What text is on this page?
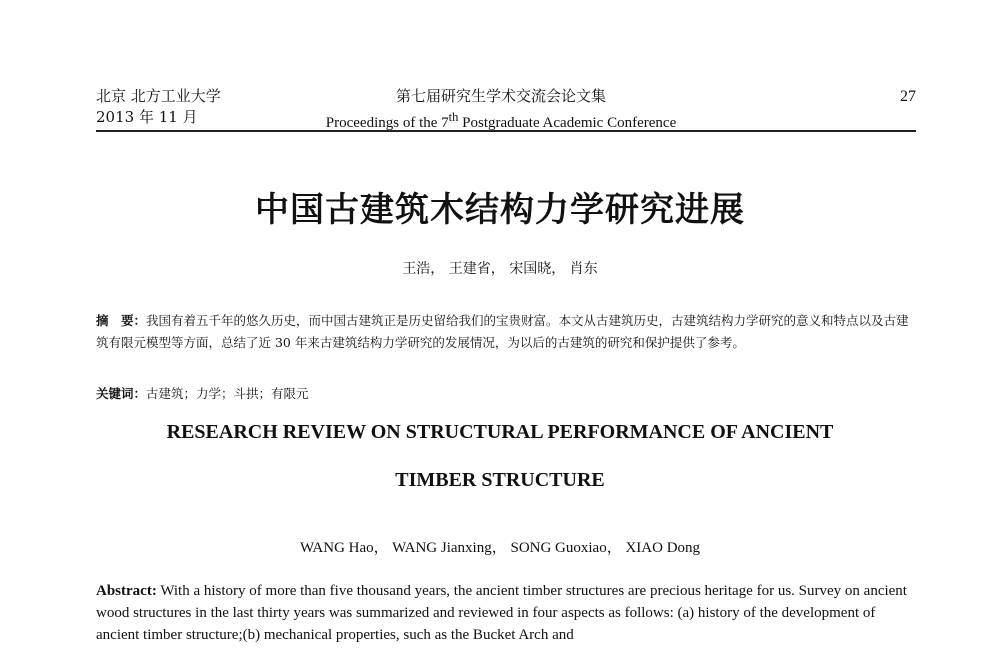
北京 北方工业大学
2013 年 11 月
第七届研究生学术交流会论文集
Proceedings of the 7th Postgraduate Academic Conference
27
中国古建筑木结构力学研究进展
王浩， 王建省， 宋国晓， 肖东
摘　要：我国有着五千年的悠久历史，而中国古建筑正是历史留给我们的宝贵财富。本文从古建筑历史，古建筑结构力学研究的意义和特点以及古建筑有限元模型等方面，总结了近 30 年来古建筑结构力学研究的发展情况，为以后的古建筑的研究和保护提供了参考。
关键词：古建筑；力学；斗拱；有限元
RESEARCH REVIEW ON STRUCTURAL PERFORMANCE OF ANCIENT
TIMBER STRUCTURE
WANG Hao， WANG Jianxing， SONG Guoxiao， XIAO Dong
Abstract: With a history of more than five thousand years, the ancient timber structures are precious heritage for us. Survey on ancient wood structures in the last thirty years was summarized and reviewed in four aspects as follows: (a) history of the development of ancient timber structure;(b) mechanical properties, such as the Bucket Arch and
